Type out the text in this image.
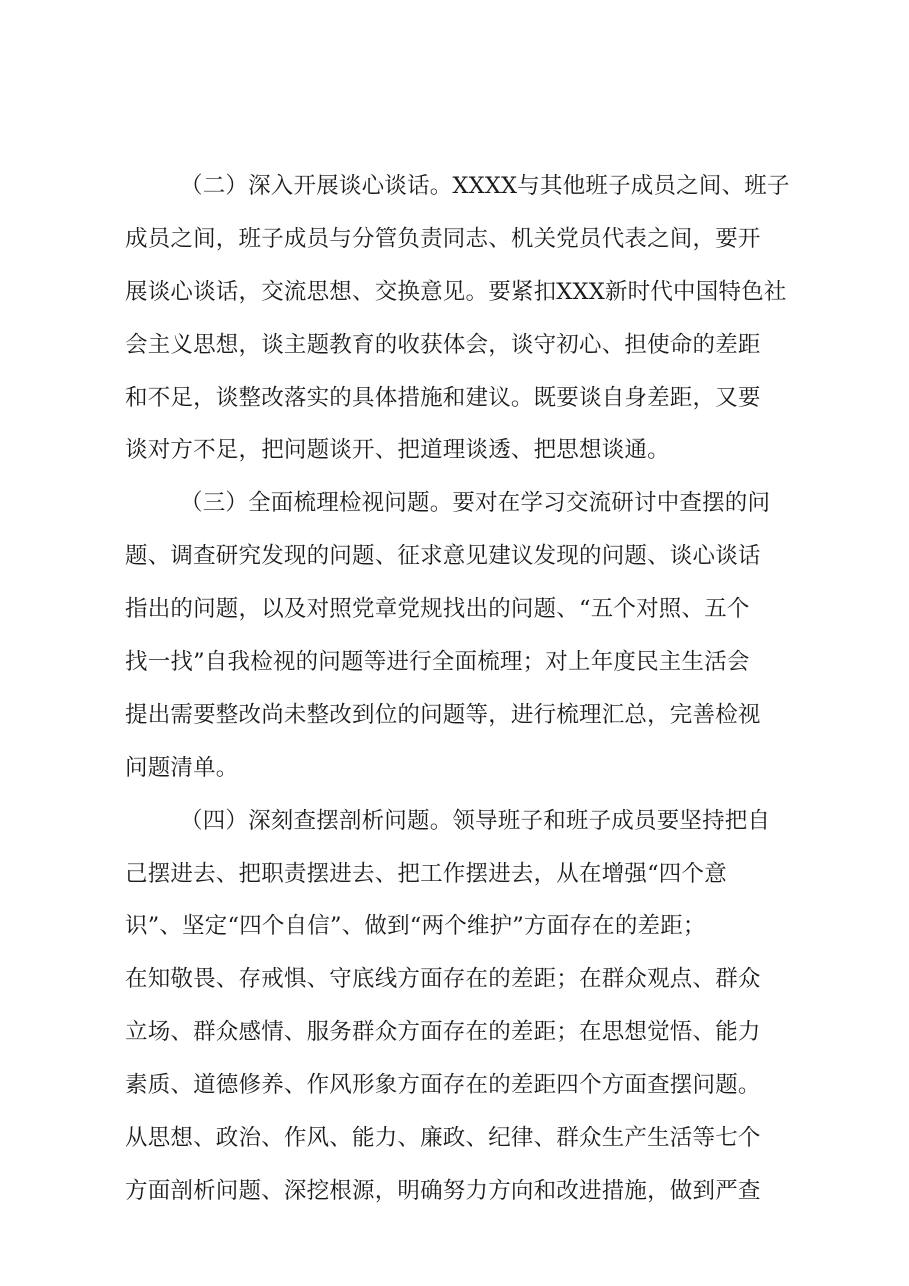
（二）深入开展谈心谈话。XXXX与其他班子成员之间、班子
成员之间，班子成员与分管负责同志、机关党员代表之间，要开
展谈心谈话，交流思想、交换意见。要紧扣XXX新时代中国特色社
会主义思想，谈主题教育的收获体会，谈守初心、担使命的差距
和不足，谈整改落实的具体措施和建议。既要谈自身差距，又要
谈对方不足，把问题谈开、把道理谈透、把思想谈通。
（三）全面梳理检视问题。要对在学习交流研讨中查摆的问
题、调查研究发现的问题、征求意见建议发现的问题、谈心谈话
指出的问题，以及对照党章党规找出的问题、“五个对照、五个
找一找”自我检视的问题等进行全面梳理；对上年度民主生活会
提出需要整改尚未整改到位的问题等，进行梳理汇总，完善检视
问题清单。
（四）深刻查摆剖析问题。领导班子和班子成员要坚持把自
己摆进去、把职责摆进去、把工作摆进去，从在增强“四个意
识”、坚定“四个自信”、做到“两个维护”方面存在的差距；
在知敬畏、存戒惧、守底线方面存在的差距；在群众观点、群众
立场、群众感情、服务群众方面存在的差距；在思想觉悟、能力
素质、道德修养、作风形象方面存在的差距四个方面查摆问题。
从思想、政治、作风、能力、廉政、纪律、群众生产生活等七个
方面剖析问题、深挖根源，明确努力方向和改进措施，做到严查
